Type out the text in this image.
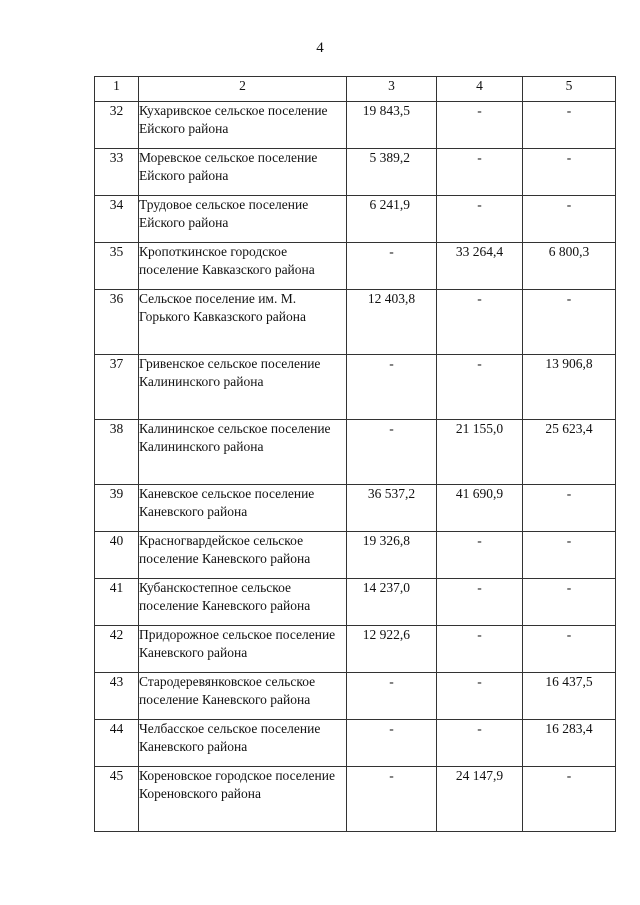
4
1	2	3	4	5
32	Кухаривское сельское поселение Ейского района	19 843,5	-	-
33	Моревское сельское поселение Ейского района	5 389,2	-	-
34	Трудовое сельское поселение Ейского района	6 241,9	-	-
35	Кропоткинское городское поселение Кавказского района	-	33 264,4	6 800,3
36	Сельское поселение им. М. Горького Кавказского района	12 403,8	-	-
37	Гривенское сельское поселение Калининского района	-	-	13 906,8
38	Калининское сельское поселение Калининского района	-	21 155,0	25 623,4
39	Каневское сельское поселение Каневского района	36 537,2	41 690,9	-
40	Красногвардейское сельское поселение Каневского района	19 326,8	-	-
41	Кубанскостепное сельское поселение Каневского района	14 237,0	-	-
42	Придорожное сельское поселение Каневского района	12 922,6	-	-
43	Стародеревянковское сельское поселение Каневского района	-	-	16 437,5
44	Челбасское сельское поселение Каневского района	-	-	16 283,4
45	Кореновское городское поселение Кореновского района	-	24 147,9	-
